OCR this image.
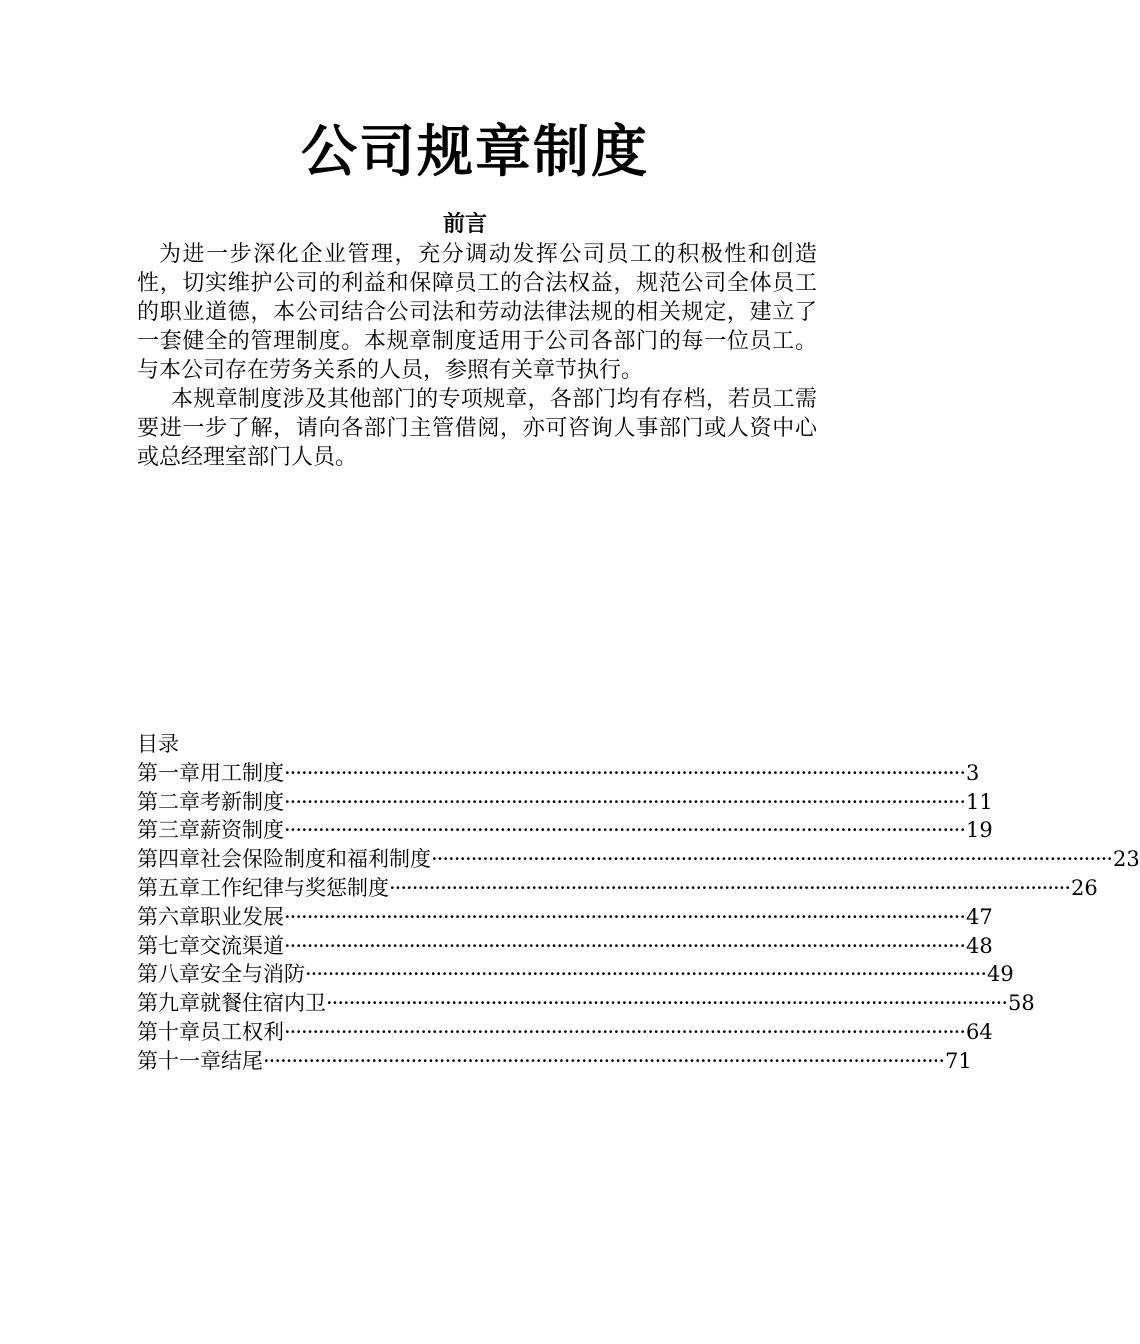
公司规章制度
前言

为进一步深化企业管理，充分调动发挥公司员工的积极性和创造性，切实维护公司的利益和保障员工的合法权益，规范公司全体员工的职业道德，本公司结合公司法和劳动法律法规的相关规定，建立了一套健全的管理制度。本规章制度适用于公司各部门的每一位员工。与本公司存在劳务关系的人员，参照有关章节执行。

本规章制度涉及其他部门的专项规章，各部门均有存档，若员工需要进一步了解，请向各部门主管借阅，亦可咨询人事部门或人资中心或总经理室部门人员。

目录
第一章 用工制度 ························································································································ 3
第二章 考新制度 ························································································································ 11
第三章 薪资制度 ························································································································ 19
第四章 社会保险制度和福利制度 ························································································································ 23
第五章 工作纪律与奖惩制度 ························································································································ 26
第六章 职业发展 ························································································································ 47
第七章 交流渠道 ························································································································ 48
第八章 安全与消防 ························································································································ 49
第九章 就餐住宿内卫 ························································································································ 58
第十章 员工权利 ························································································································ 64
第十一章 结尾 ························································································································ 71
